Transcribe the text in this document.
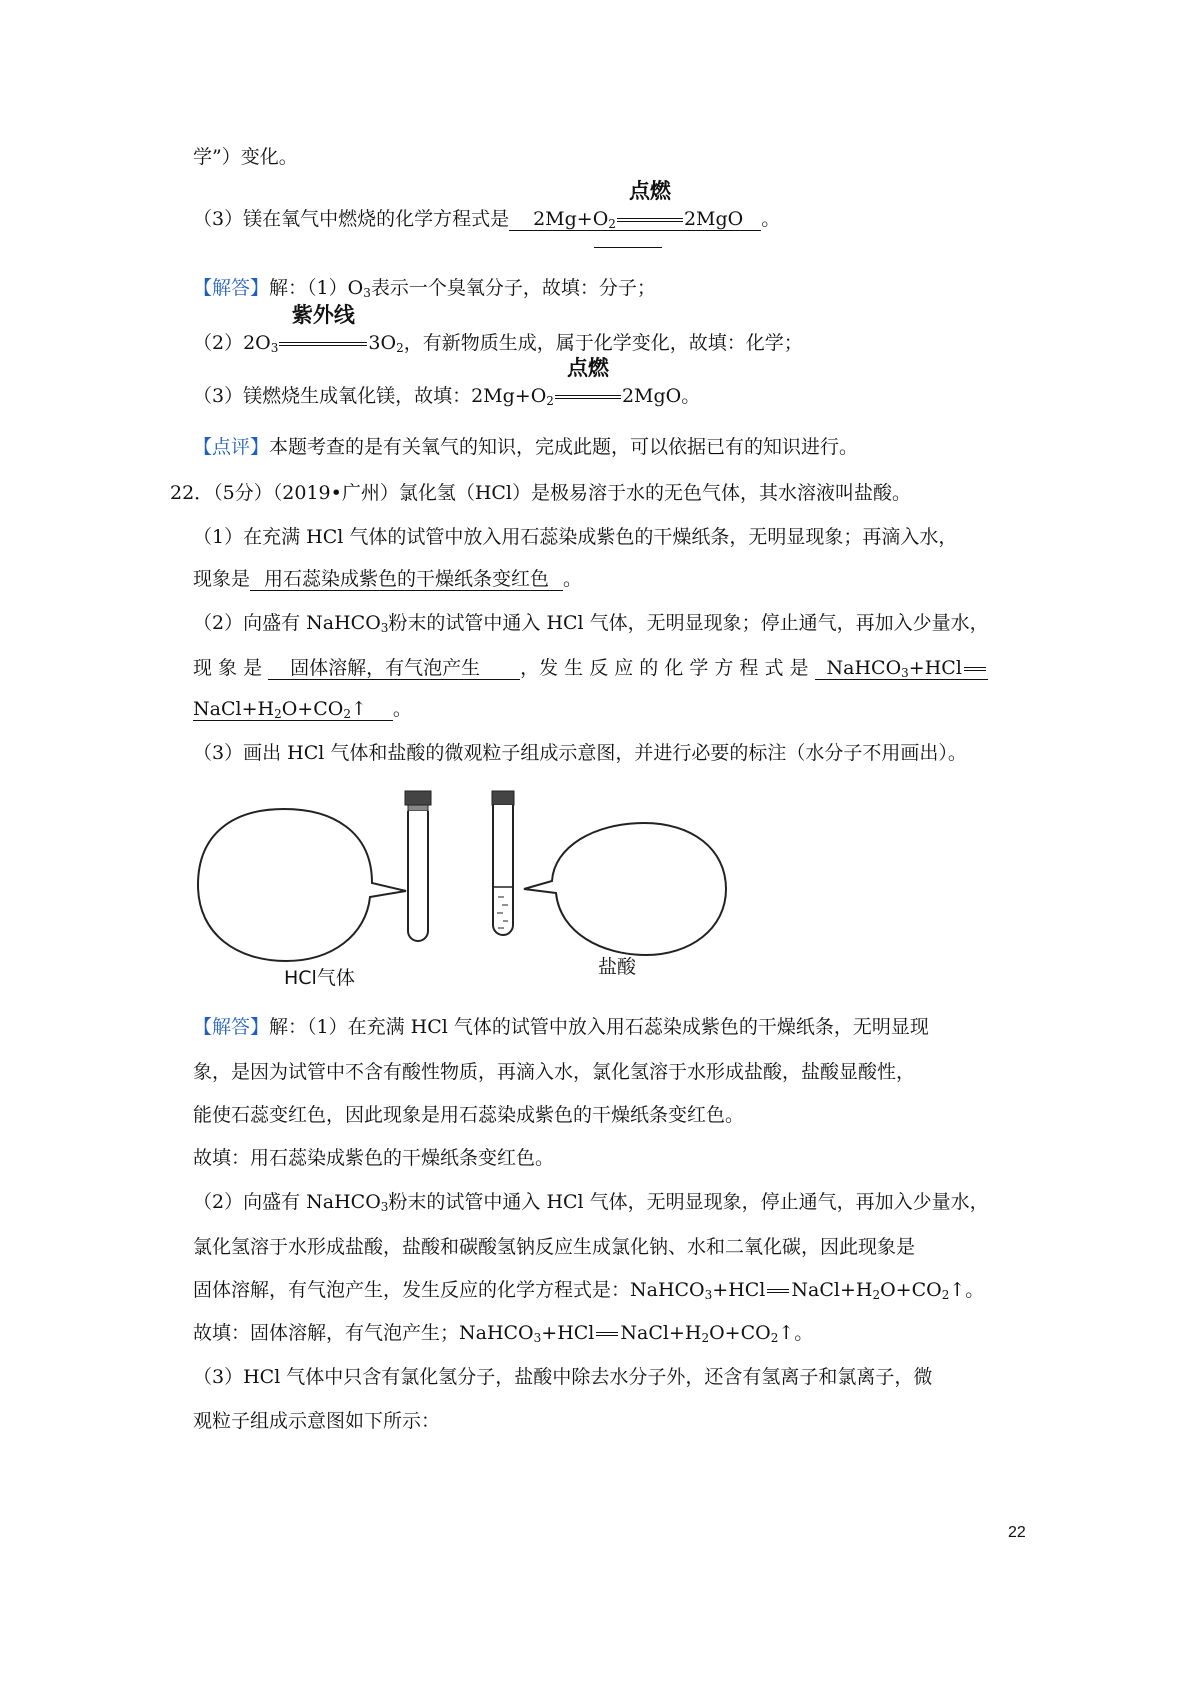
学”）变化。
（3）镁在氧气中燃烧的化学方程式是 $2Mg+O_2$
点燃
2MgO 。
【解答】解：$(1)O_3$表示一个臭氧分子，故填：分子；
$(2)2O_3$
紫外线
$3O_2$，有新物质生成，属于化学变化，故填：化学；
（3）镁燃烧生成氧化镁，故填：$2Mg+O_2$
点燃
2MgO。
【点评】本题考查的是有关氧气的知识，完成此题，可以依据已有的知识进行。
22．（5分）（2019•广州）氯化氢（HCl）是极易溶于水的无色气体，其水溶液叫盐酸。
（1）在充满 HCl 气体的试管中放入用石蕊染成紫色的干燥纸条，无明显现象；再滴入水，
现象是 用石蕊染成紫色的干燥纸条变红色 。
（2）向盛有 NaHCO$_3$粉末的试管中通入 HCl 气体，无明显现象；停止通气，再加入少量水，
现 象 是 固体溶解，有气泡产生 ，发 生 反 应 的 化 学 方 程 式 是 NaHCO$_3$+HCl
$NaCl+H_2O+CO_2↑$ 。
（3）画出 HCl 气体和盐酸的微观粒子组成示意图，并进行必要的标注（水分子不用画出）。
HCl气体	盐酸
【解答】解：（1）在充满 HCl 气体的试管中放入用石蕊染成紫色的干燥纸条，无明显现
象，是因为试管中不含有酸性物质，再滴入水，氯化氢溶于水形成盐酸，盐酸显酸性，
能使石蕊变红色，因此现象是用石蕊染成紫色的干燥纸条变红色。
故填：用石蕊染成紫色的干燥纸条变红色。
（2）向盛有 NaHCO$_3$粉末的试管中通入 HCl 气体，无明显现象，停止通气，再加入少量水，
氯化氢溶于水形成盐酸，盐酸和碳酸氢钠反应生成氯化钠、水和二氧化碳，因此现象是
固体溶解，有气泡产生，发生反应的化学方程式是：NaHCO$_3$+HCl $NaCl+H_2O+CO_2↑$。
故填：固体溶解，有气泡产生；NaHCO$_3$+HCl $NaCl+H_2O+CO_2↑$。
（3）HCl 气体中只含有氯化氢分子，盐酸中除去水分子外，还含有氢离子和氯离子，微
观粒子组成示意图如下所示：
22
